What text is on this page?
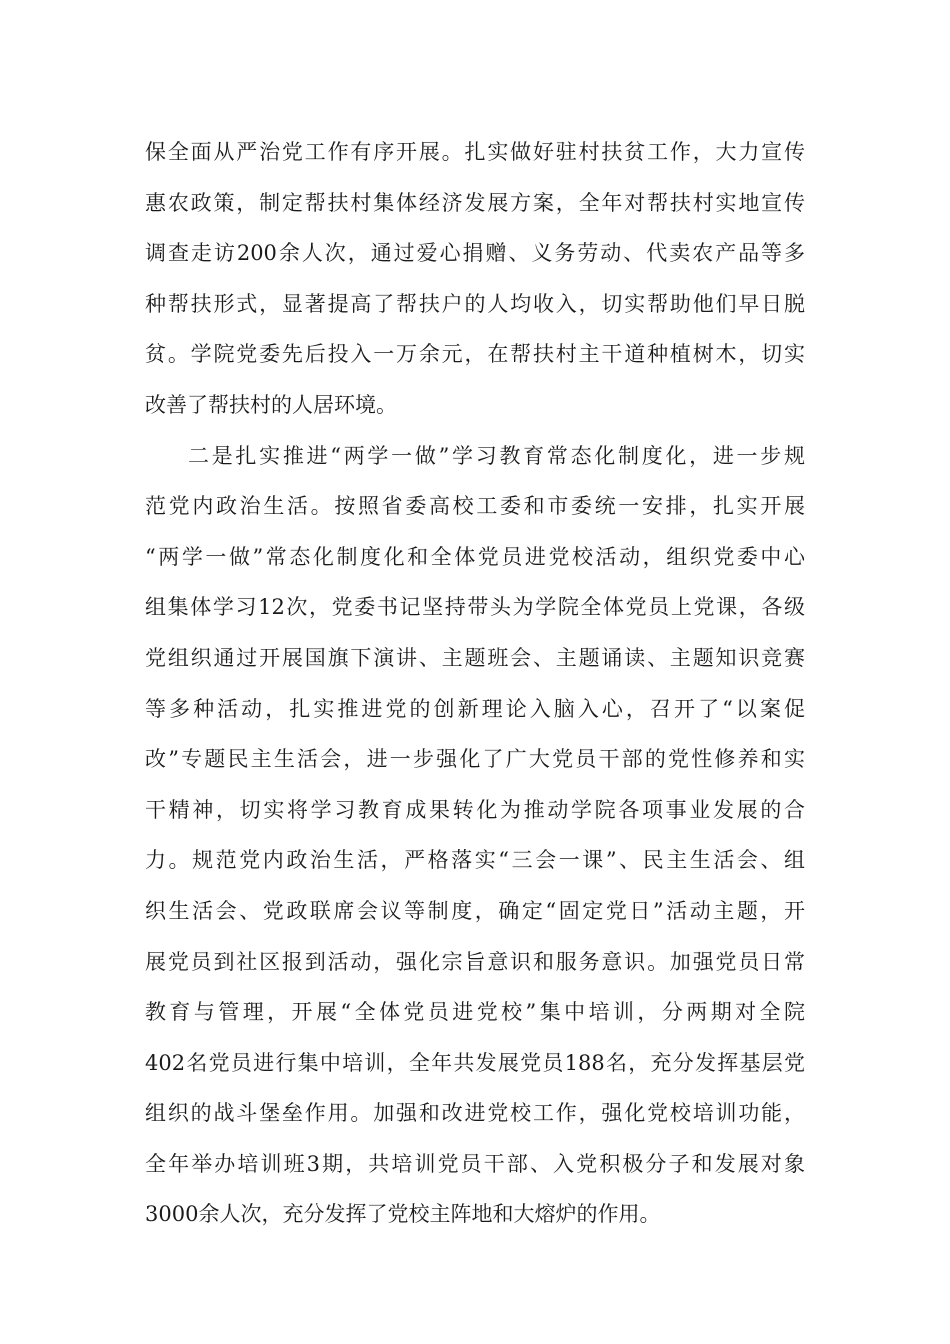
保全面从严治党工作有序开展。扎实做好驻村扶贫工作，大力宣传
惠农政策，制定帮扶村集体经济发展方案，全年对帮扶村实地宣传
调查走访200余人次，通过爱心捐赠、义务劳动、代卖农产品等多
种帮扶形式，显著提高了帮扶户的人均收入，切实帮助他们早日脱
贫。学院党委先后投入一万余元，在帮扶村主干道种植树木，切实
改善了帮扶村的人居环境。
二是扎实推进“两学一做”学习教育常态化制度化，进一步规
范党内政治生活。按照省委高校工委和市委统一安排，扎实开展
“两学一做”常态化制度化和全体党员进党校活动，组织党委中心
组集体学习12次，党委书记坚持带头为学院全体党员上党课，各级
党组织通过开展国旗下演讲、主题班会、主题诵读、主题知识竞赛
等多种活动，扎实推进党的创新理论入脑入心，召开了“以案促
改”专题民主生活会，进一步强化了广大党员干部的党性修养和实
干精神，切实将学习教育成果转化为推动学院各项事业发展的合
力。规范党内政治生活，严格落实“三会一课”、民主生活会、组
织生活会、党政联席会议等制度，确定“固定党日”活动主题，开
展党员到社区报到活动，强化宗旨意识和服务意识。加强党员日常
教育与管理，开展“全体党员进党校”集中培训，分两期对全院
402名党员进行集中培训，全年共发展党员188名，充分发挥基层党
组织的战斗堡垒作用。加强和改进党校工作，强化党校培训功能，
全年举办培训班3期，共培训党员干部、入党积极分子和发展对象
3000余人次，充分发挥了党校主阵地和大熔炉的作用。
